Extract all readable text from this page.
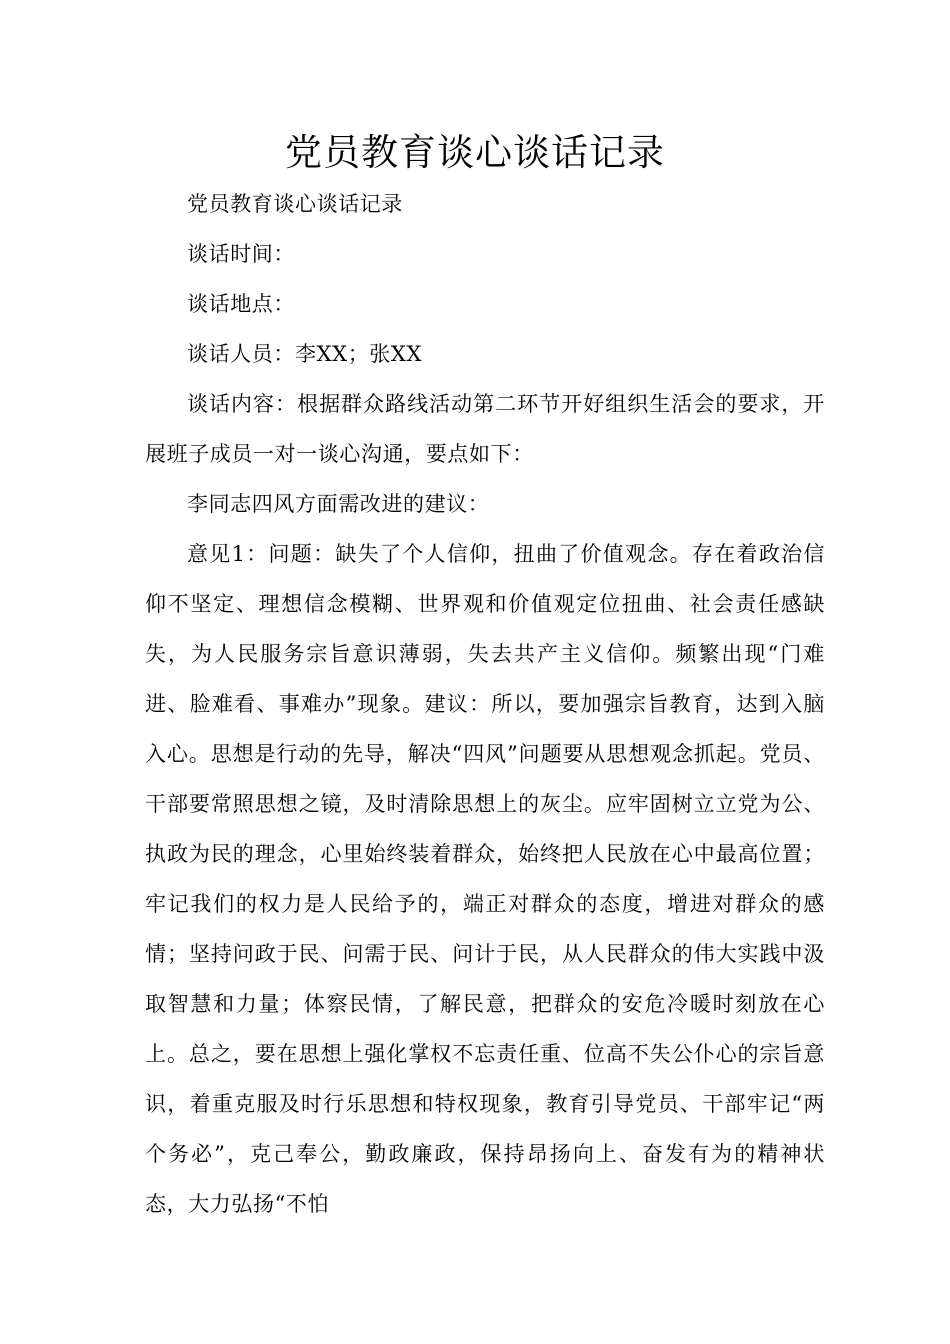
党员教育谈心谈话记录

党员教育谈心谈话记录

谈话时间：

谈话地点：

谈话人员：李XX；张XX

谈话内容：根据群众路线活动第二环节开好组织生活会的要求，开展班子成员一对一谈心沟通，要点如下：

李同志四风方面需改进的建议：

意见1：问题：缺失了个人信仰，扭曲了价值观念。存在着政治信仰不坚定、理想信念模糊、世界观和价值观定位扭曲、社会责任感缺失，为人民服务宗旨意识薄弱，失去共产主义信仰。频繁出现“门难进、脸难看、事难办”现象。建议：所以，要加强宗旨教育，达到入脑入心。思想是行动的先导，解决“四风”问题要从思想观念抓起。党员、干部要常照思想之镜，及时清除思想上的灰尘。应牢固树立立党为公、执政为民的理念，心里始终装着群众，始终把人民放在心中最高位置；牢记我们的权力是人民给予的，端正对群众的态度，增进对群众的感情；坚持问政于民、问需于民、问计于民，从人民群众的伟大实践中汲取智慧和力量；体察民情，了解民意，把群众的安危冷暖时刻放在心上。总之，要在思想上强化掌权不忘责任重、位高不失公仆心的宗旨意识，着重克服及时行乐思想和特权现象，教育引导党员、干部牢记“两个务必”，克己奉公，勤政廉政，保持昂扬向上、奋发有为的精神状态，大力弘扬“不怕
